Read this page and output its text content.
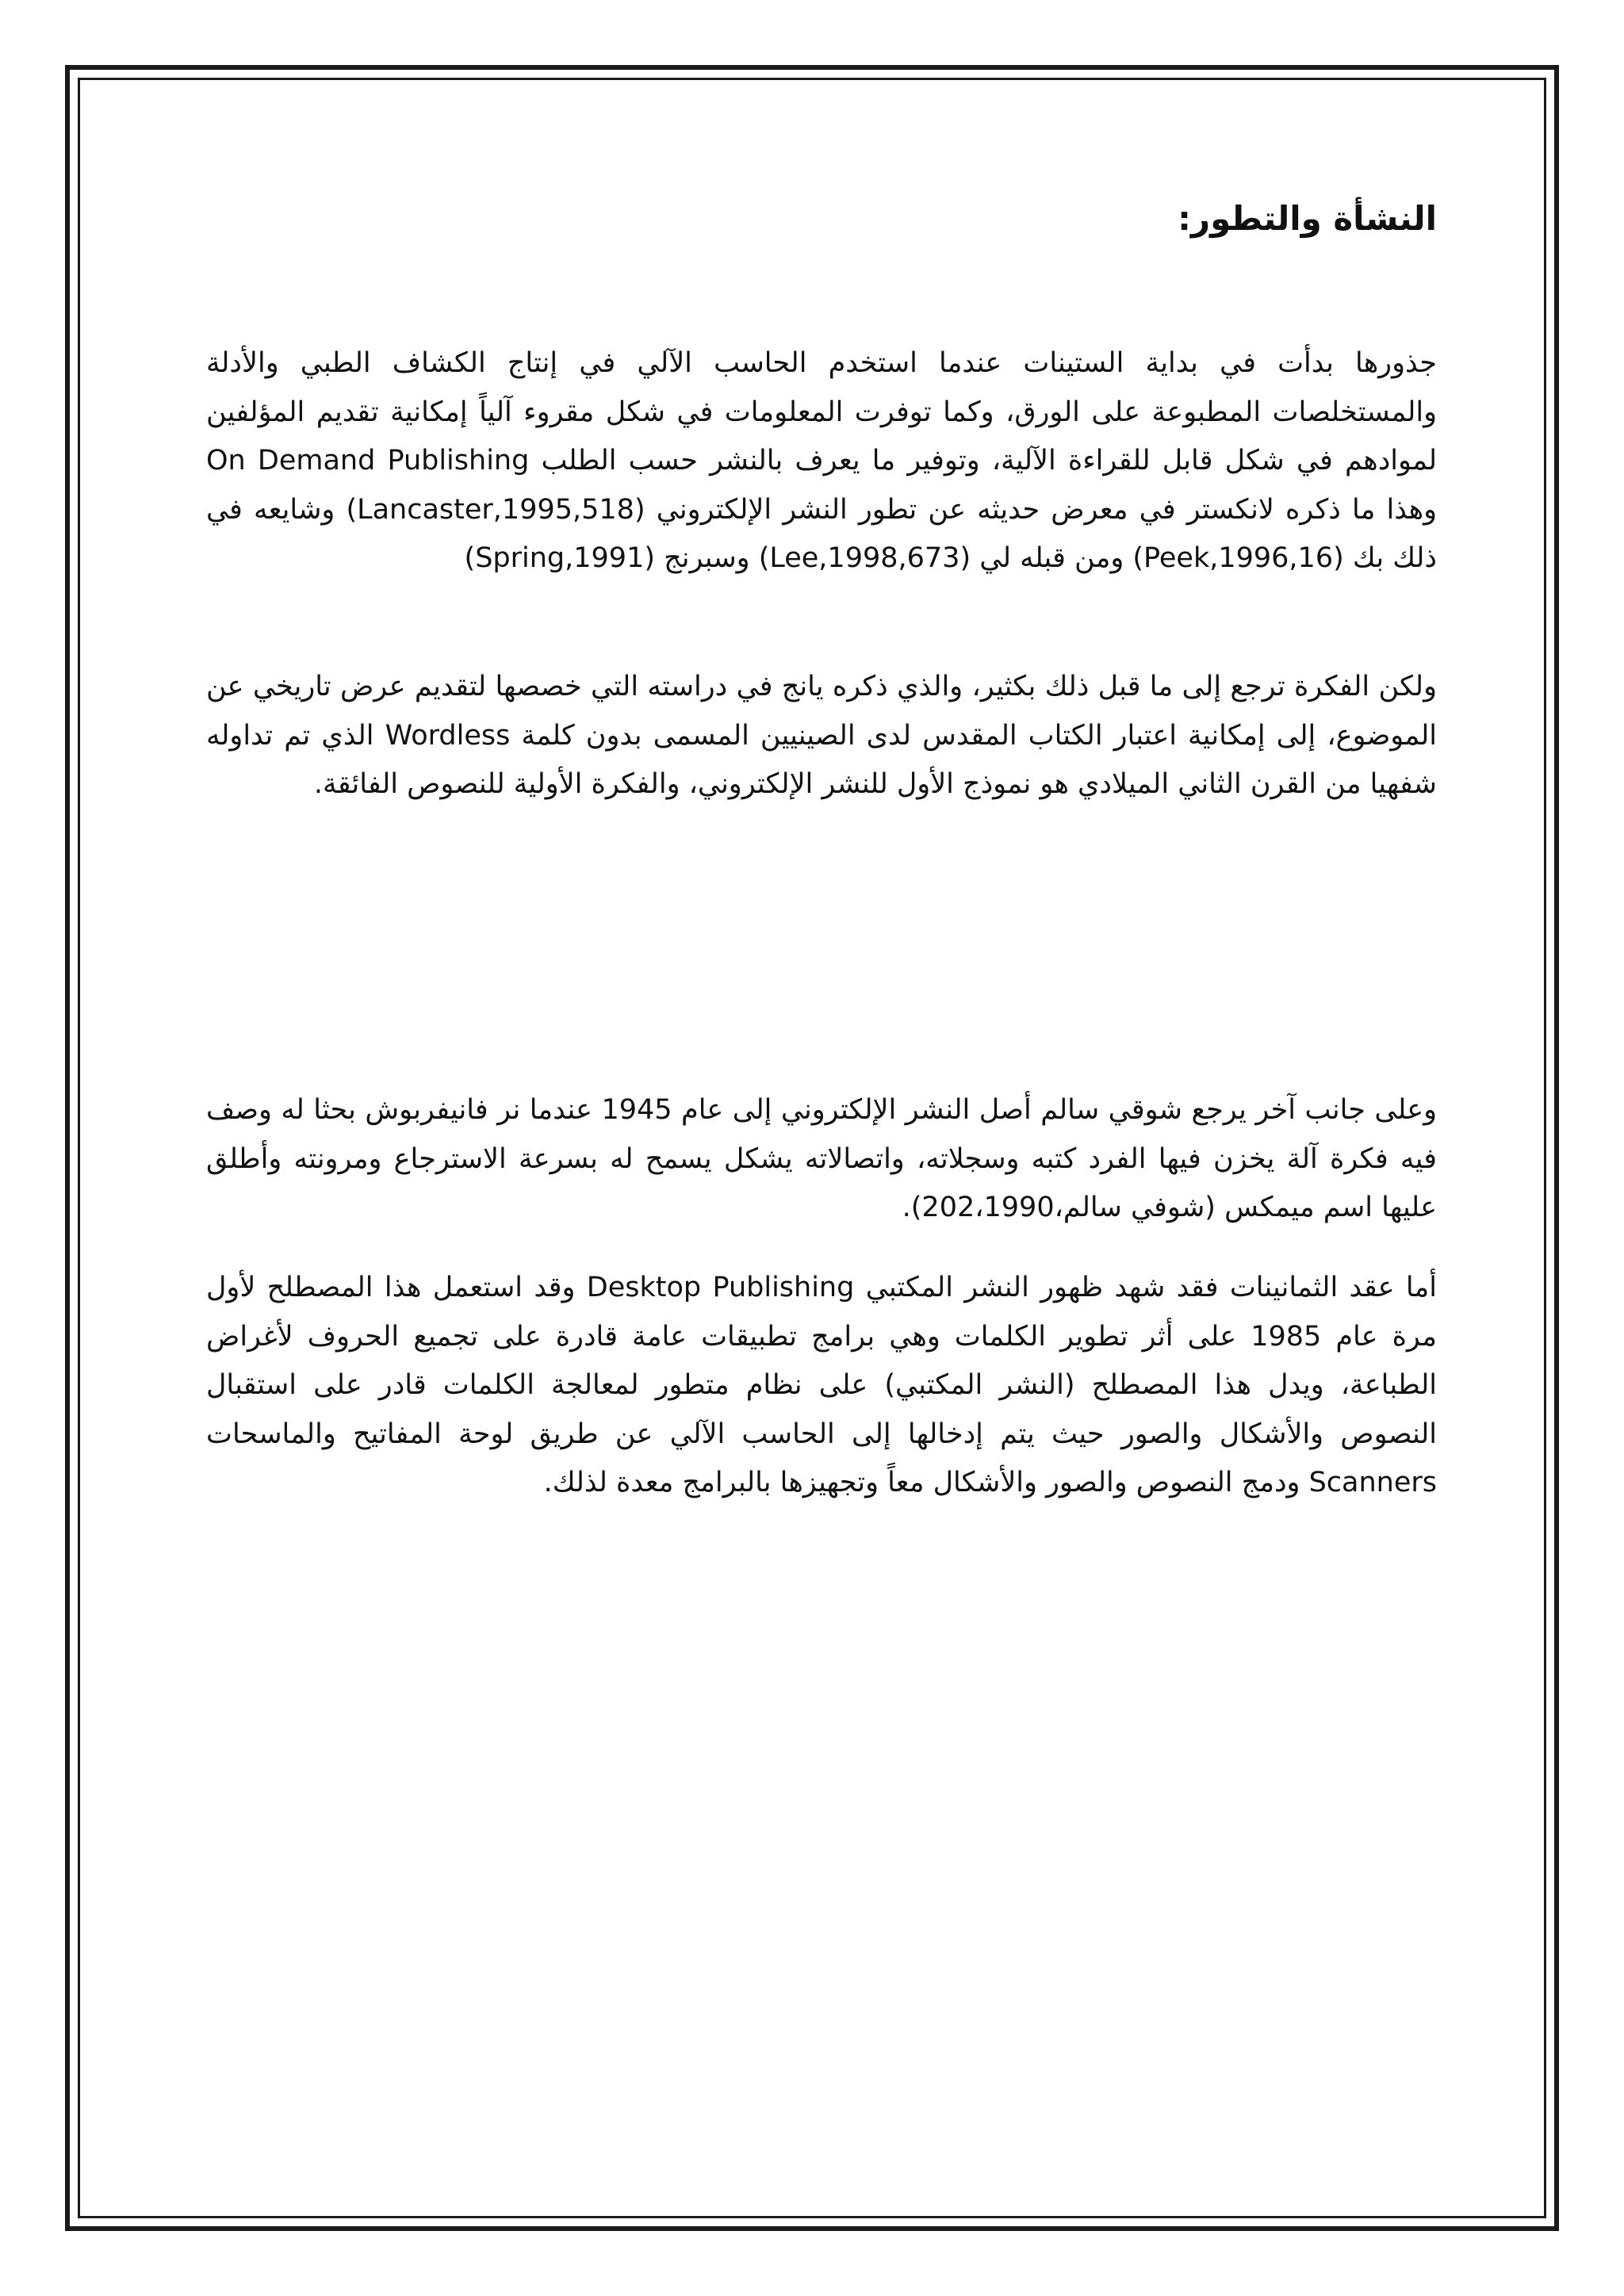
النشأة والتطور:

جذورها بدأت في بداية الستينات عندما استخدم الحاسب الآلي في إنتاج الكشاف الطبي والأدلة والمستخلصات المطبوعة على الورق، وكما توفرت المعلومات في شكل مقروء آلياً إمكانية تقديم المؤلفين لموادهم في شكل قابل للقراءة الآلية، وتوفير ما يعرف بالنشر حسب الطلب On Demand Publishing وهذا ما ذكره لانكستر في معرض حديثه عن تطور النشر الإلكتروني (Lancaster,1995,518) وشايعه في ذلك بك (Peek,1996,16) ومن قبله لي (Lee,1998,673) وسبرنج (Spring,1991)

ولكن الفكرة ترجع إلى ما قبل ذلك بكثير، والذي ذكره يانج في دراسته التي خصصها لتقديم عرض تاريخي عن الموضوع، إلى إمكانية اعتبار الكتاب المقدس لدى الصينيين المسمى بدون كلمة Wordless الذي تم تداوله شفهيا من القرن الثاني الميلادي هو نموذج الأول للنشر الإلكتروني، والفكرة الأولية للنصوص الفائقة.

وعلى جانب آخر يرجع شوقي سالم أصل النشر الإلكتروني إلى عام 1945 عندما نر فانيفربوش بحثا له وصف فيه فكرة آلة يخزن فيها الفرد كتبه وسجلاته، واتصالاته يشكل يسمح له بسرعة الاسترجاع ومرونته وأطلق عليها اسم ميمكس (شوفي سالم،202،1990).

أما عقد الثمانينات فقد شهد ظهور النشر المكتبي Desktop Publishing وقد استعمل هذا المصطلح لأول مرة عام 1985 على أثر تطوير الكلمات وهي برامج تطبيقات عامة قادرة على تجميع الحروف لأغراض الطباعة، ويدل هذا المصطلح (النشر المكتبي) على نظام متطور لمعالجة الكلمات قادر على استقبال النصوص والأشكال والصور حيث يتم إدخالها إلى الحاسب الآلي عن طريق لوحة المفاتيح والماسحات Scanners ودمج النصوص والصور والأشكال معاً وتجهيزها بالبرامج معدة لذلك.
